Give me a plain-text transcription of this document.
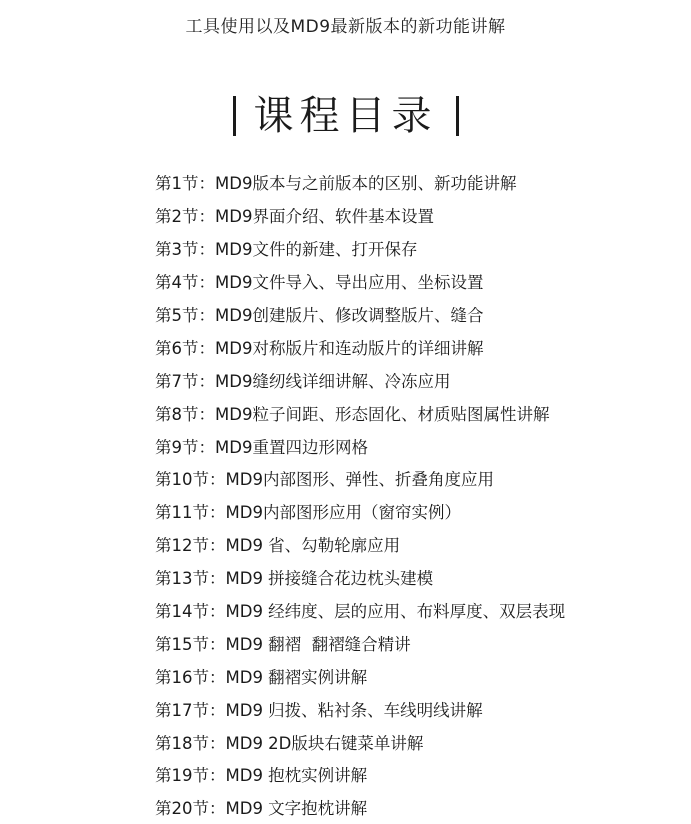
工具使用以及MD9最新版本的新功能讲解
课程目录
第1节： MD9版本与之前版本的区别、新功能讲解
第2节： MD9界面介绍、软件基本设置
第3节： MD9文件的新建、打开保存
第4节： MD9文件导入、导出应用、坐标设置
第5节： MD9创建版片、修改调整版片、缝合
第6节： MD9对称版片和连动版片的详细讲解
第7节： MD9缝纫线详细讲解、冷冻应用
第8节： MD9粒子间距、形态固化、材质贴图属性讲解
第9节： MD9重置四边形网格
第10节： MD9内部图形、弹性、折叠角度应用
第11节： MD9内部图形应用（窗帘实例）
第12节： MD9 省、勾勒轮廓应用
第13节： MD9 拼接缝合花边枕头建模
第14节： MD9 经纬度、层的应用、布料厚度、双层表现
第15节： MD9 翻褶  翻褶缝合精讲
第16节： MD9 翻褶实例讲解
第17节： MD9 归拨、粘衬条、车线明线讲解
第18节： MD9 2D版块右键菜单讲解
第19节： MD9 抱枕实例讲解
第20节： MD9 文字抱枕讲解
